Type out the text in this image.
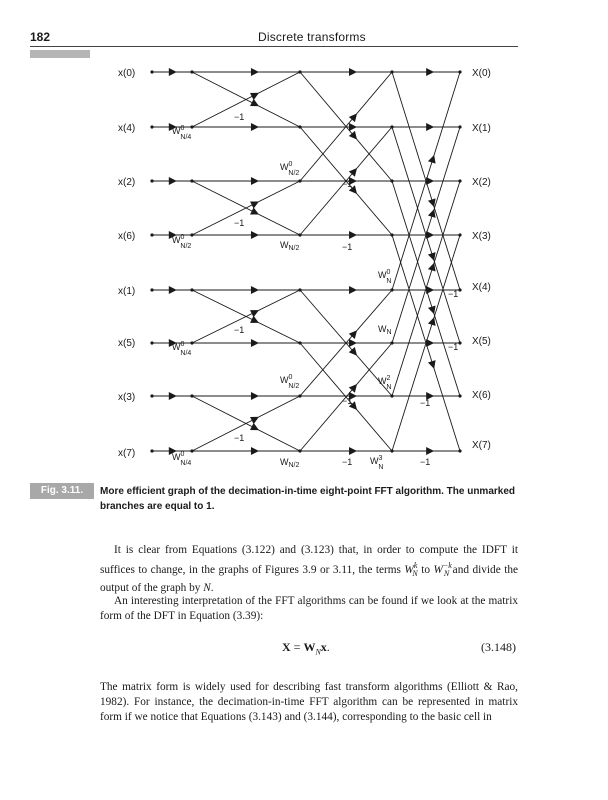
182	Discrete transforms
x(0)
x(4)
x(2)
x(6)
x(1)
x(5)
x(3)
x(7)
X(0)
X(1)
X(2)
X(3)
X(4)
X(5)
X(6)
X(7)
$W^0$ N/4
$W^0$ N/2
$W^0$ N/4
$W^0$ N/4
$W^0$ N/2
$W_{N/2}$
$W^0$ N/2
$W_{N/2}$
$W^0$ N
$W_N$
$W^2$ N
$W^3$ N
−1
−1
−1
−1
−1
−1
−1
−1
−1
−1
−1
−1
Fig. 3.11.	More efficient graph of the decimation-in-time eight-point FFT algorithm. The unmarked branches are equal to 1.
It is clear from Equations (3.122) and (3.123) that, in order to compute the IDFT it suffices to change, in the graphs of Figures 3.9 or 3.11, the terms $W^k_N$ to $W^{-k}_N$ and divide the output of the graph by N.
An interesting interpretation of the FFT algorithms can be found if we look at the matrix form of the DFT in Equation (3.39):
$X = W_Nx$.	(3.148)
The matrix form is widely used for describing fast transform algorithms (Elliott & Rao, 1982). For instance, the decimation-in-time FFT algorithm can be represented in matrix form if we notice that Equations (3.143) and (3.144), corresponding to the basic cell in
